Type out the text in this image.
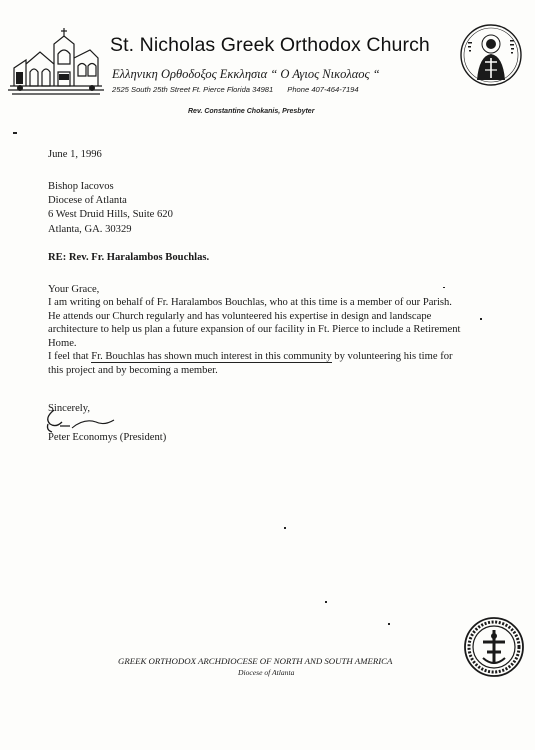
St. Nicholas Greek Orthodox Church
Ελληνικη Ορθοδοξος Εκκλησια “ Ο Αγιος Νικολαος “
2525 South 25th Street Ft. Pierce Florida 34981 Phone 407-464-7194
Rev. Constantine Chokanis, Presbyter
June 1, 1996
Bishop Iacovos
Diocese of Atlanta
6 West Druid Hills, Suite 620
Atlanta, GA. 30329
RE: Rev. Fr. Haralambos Bouchlas.
Your Grace,
I am writing on behalf of Fr. Haralambos Bouchlas, who at this time is a member of our Parish.
He attends our Church regularly and has volunteered his expertise in design and landscape
architecture to help us plan a future expansion of our facility in Ft. Pierce to include a Retirement
Home.
I feel that Fr. Bouchlas has shown much interest in this community by volunteering his time for
this project and by becoming a member.
Sincerely,
Peter Economys (President)
GREEK ORTHODOX ARCHDIOCESE OF NORTH AND SOUTH AMERICA
Diocese of Atlanta
